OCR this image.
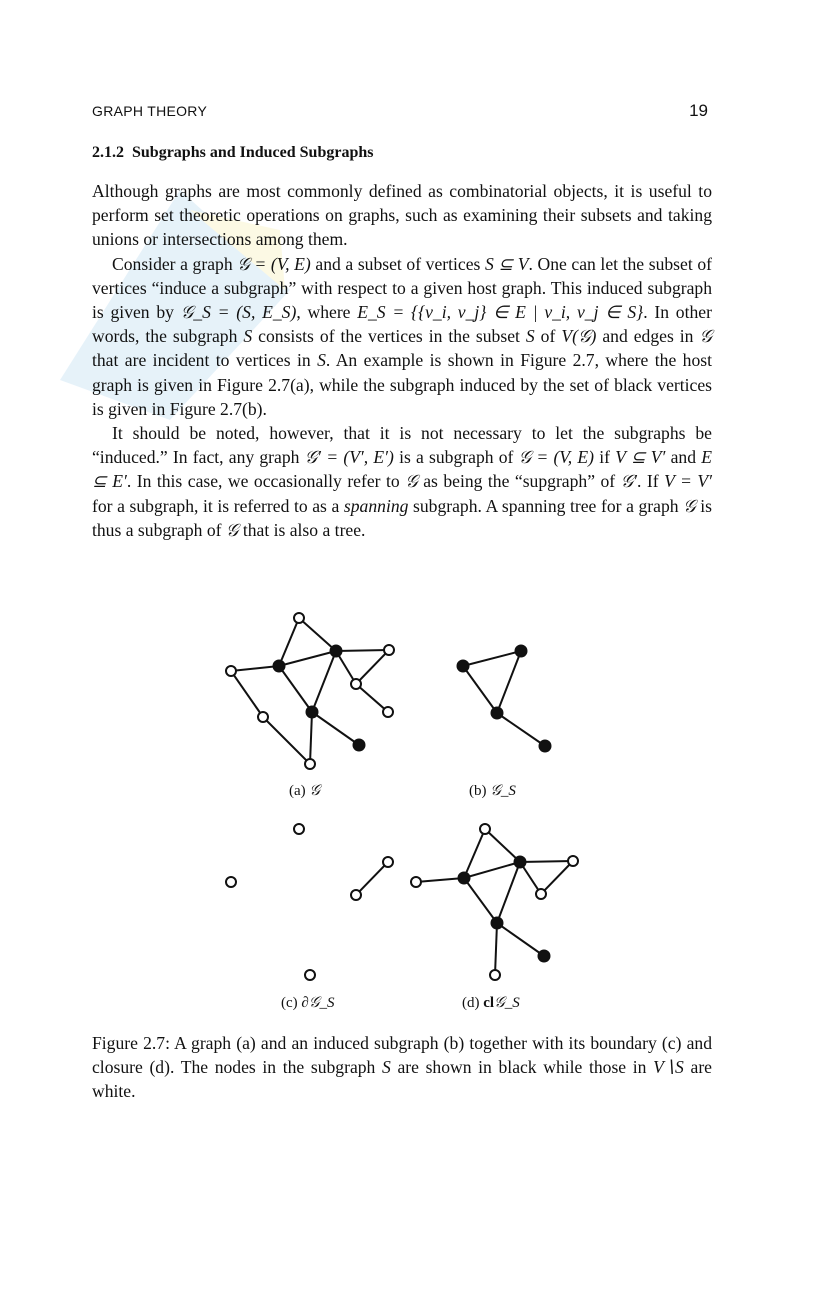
GRAPH THEORY	19
2.1.2 Subgraphs and Induced Subgraphs

Although graphs are most commonly defined as combinatorial objects, it is useful to perform set theoretic operations on graphs, such as examining their subsets and taking unions or intersections among them.

Consider a graph 𝒢 = (V, E) and a subset of vertices S ⊆ V. One can let the subset of vertices “induce a subgraph” with respect to a given host graph. This induced subgraph is given by 𝒢_S = (S, E_S), where E_S = {{v_i, v_j} ∈ E | v_i, v_j ∈ S}. In other words, the subgraph S consists of the vertices in the subset S of V(𝒢) and edges in 𝒢 that are incident to vertices in S. An example is shown in Figure 2.7, where the host graph is given in Figure 2.7(a), while the subgraph induced by the set of black vertices is given in Figure 2.7(b).

It should be noted, however, that it is not necessary to let the subgraphs be “induced.” In fact, any graph 𝒢′ = (V′, E′) is a subgraph of 𝒢 = (V, E) if V ⊆ V′ and E ⊆ E′. In this case, we occasionally refer to 𝒢 as being the “supgraph” of 𝒢′. If V = V′ for a subgraph, it is referred to as a spanning subgraph. A spanning tree for a graph 𝒢 is thus a subgraph of 𝒢 that is also a tree.

(a) 𝒢	(b) 𝒢_S
(c) ∂𝒢_S	(d) cl𝒢_S
Figure 2.7: A graph (a) and an induced subgraph (b) together with its boundary (c) and closure (d). The nodes in the subgraph S are shown in black while those in V∖S are white.
